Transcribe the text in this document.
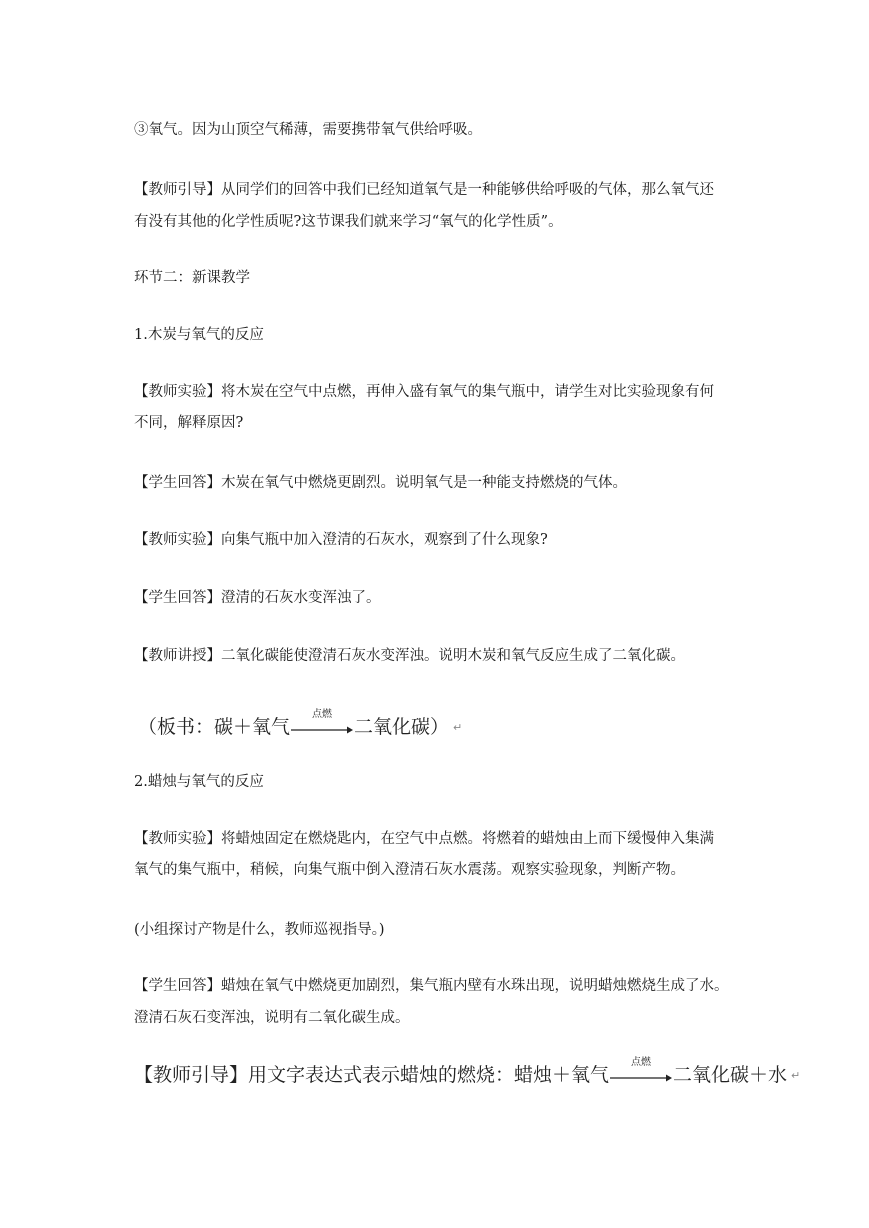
③氧气。因为山顶空气稀薄，需要携带氧气供给呼吸。
【教师引导】从同学们的回答中我们已经知道氧气是一种能够供给呼吸的气体，那么氧气还
有没有其他的化学性质呢?这节课我们就来学习“氧气的化学性质”。
环节二：新课教学
1.木炭与氧气的反应
【教师实验】将木炭在空气中点燃，再伸入盛有氧气的集气瓶中，请学生对比实验现象有何
不同，解释原因?
【学生回答】木炭在氧气中燃烧更剧烈。说明氧气是一种能支持燃烧的气体。
【教师实验】向集气瓶中加入澄清的石灰水，观察到了什么现象?
【学生回答】澄清的石灰水变浑浊了。
【教师讲授】二氧化碳能使澄清石灰水变浑浊。说明木炭和氧气反应生成了二氧化碳。
（板书：碳＋氧气
点燃
二氧化碳） ↵
2.蜡烛与氧气的反应
【教师实验】将蜡烛固定在燃烧匙内，在空气中点燃。将燃着的蜡烛由上而下缓慢伸入集满
氧气的集气瓶中，稍候，向集气瓶中倒入澄清石灰水震荡。观察实验现象，判断产物。
(小组探讨产物是什么，教师巡视指导。)
【学生回答】蜡烛在氧气中燃烧更加剧烈，集气瓶内壁有水珠出现，说明蜡烛燃烧生成了水。
澄清石灰石变浑浊，说明有二氧化碳生成。
【教师引导】用文字表达式表示蜡烛的燃烧：蜡烛＋氧气
点燃
二氧化碳＋水 ↵
